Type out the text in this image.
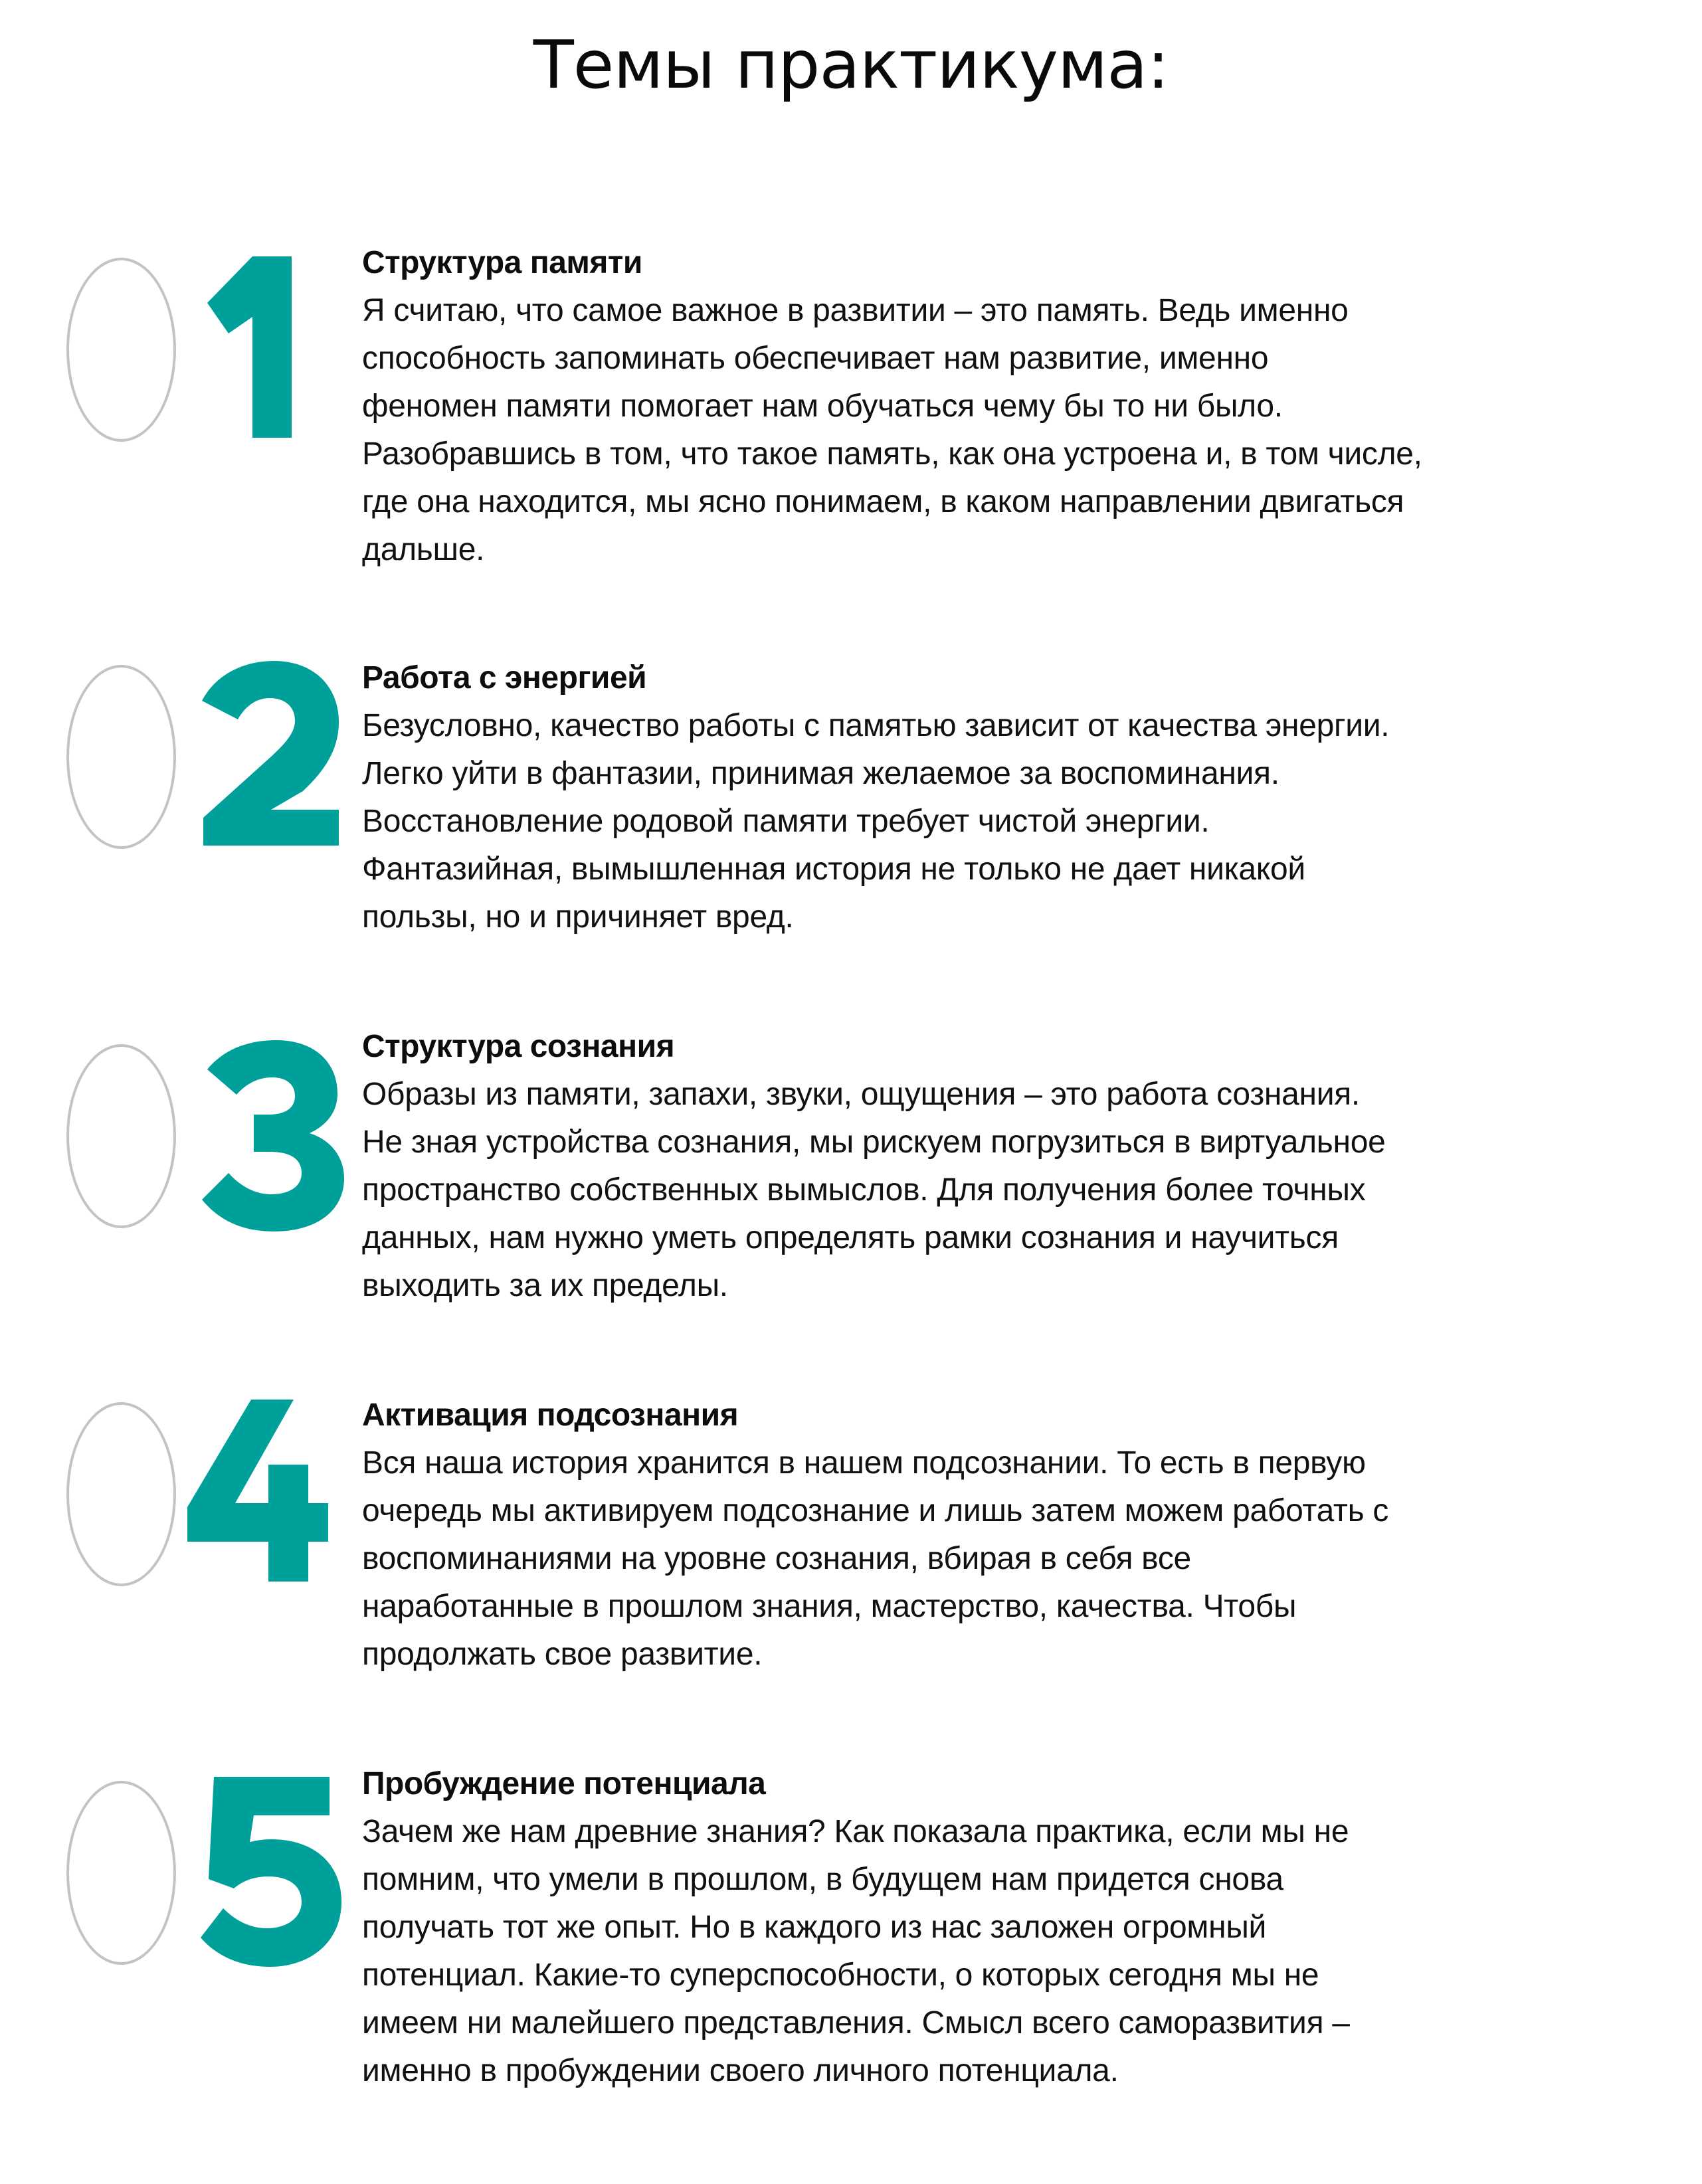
Темы практикума:
Структура памяти

Я считаю, что самое важное в развитии – это память. Ведь именно

способность запоминать обеспечивает нам развитие, именно

феномен памяти помогает нам обучаться чему бы то ни было.

Разобравшись в том, что такое память, как она устроена и, в том числе,

где она находится, мы ясно понимаем, в каком направлении двигаться

дальше.

Работа с энергией

Безусловно, качество работы с памятью зависит от качества энергии.

Легко уйти в фантазии, принимая желаемое за воспоминания.

Восстановление родовой памяти требует чистой энергии.

Фантазийная, вымышленная история не только не дает никакой

пользы, но и причиняет вред.

Структура сознания

Образы из памяти, запахи, звуки, ощущения – это работа сознания.

Не зная устройства сознания, мы рискуем погрузиться в виртуальное

пространство собственных вымыслов. Для получения более точных

данных, нам нужно уметь определять рамки сознания и научиться

выходить за их пределы.

Активация подсознания

Вся наша история хранится в нашем подсознании. То есть в первую

очередь мы активируем подсознание и лишь затем можем работать с

воспоминаниями на уровне сознания, вбирая в себя все

наработанные в прошлом знания, мастерство, качества. Чтобы

продолжать свое развитие.

Пробуждение потенциала

Зачем же нам древние знания? Как показала практика, если мы не

помним, что умели в прошлом, в будущем нам придется снова

получать тот же опыт. Но в каждого из нас заложен огромный

потенциал. Какие-то суперспособности, о которых сегодня мы не

имеем ни малейшего представления. Смысл всего саморазвития –

именно в пробуждении своего личного потенциала.
